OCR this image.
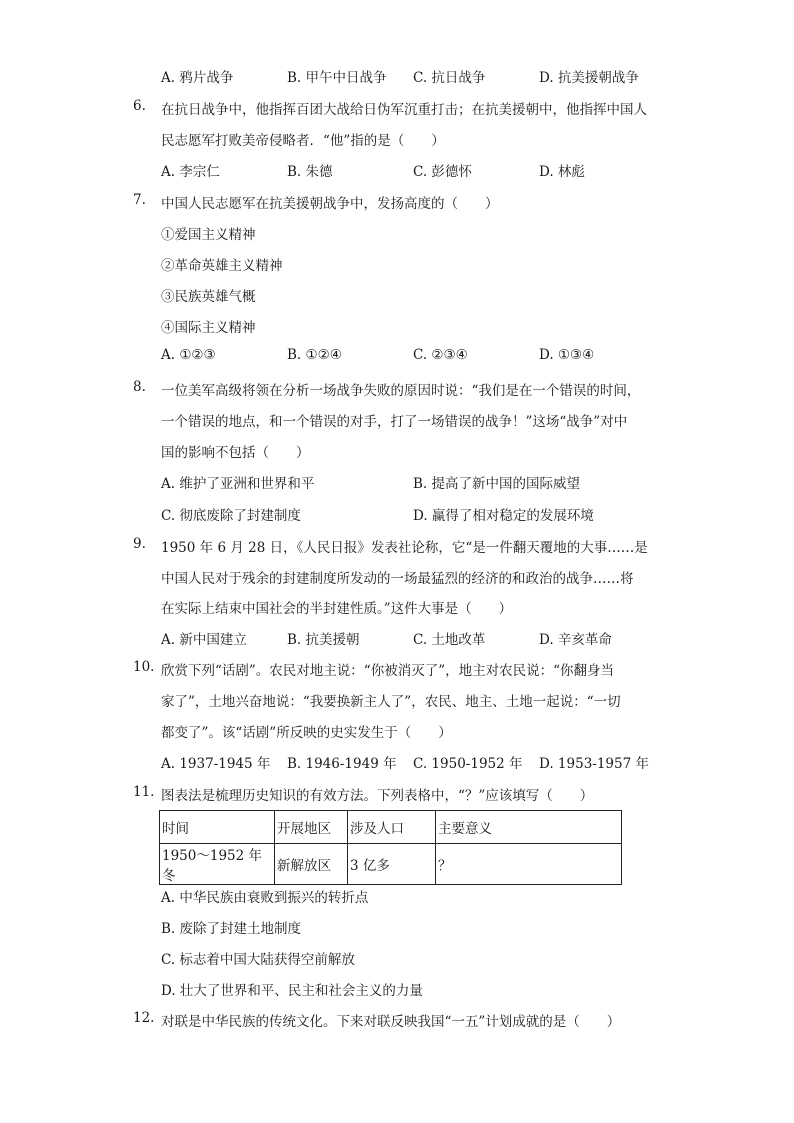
A. 鸦片战争	B. 甲午中日战争 C. 抗日战争	D. 抗美援朝战争
6. 在抗日战争中，他指挥百团大战给日伪军沉重打击；在抗美援朝中，他指挥中国人
民志愿军打败美帝侵略者．“他”指的是（　　）
A. 李宗仁	B. 朱德	C. 彭德怀	D. 林彪
7. 中国人民志愿军在抗美援朝战争中，发扬高度的（　　）
①爱国主义精神
②革命英雄主义精神
③民族英雄气概
④国际主义精神
A. ①②③	B. ①②④	C. ②③④	D. ①③④
8. 一位美军高级将领在分析一场战争失败的原因时说：“我们是在一个错误的时间，
一个错误的地点，和一个错误的对手，打了一场错误的战争！”这场“战争”对中
国的影响不包括（　　）
A. 维护了亚洲和世界和平	B. 提高了新中国的国际威望
C. 彻底废除了封建制度	D. 赢得了相对稳定的发展环境
9. 1950 年 6 月 28 日，《人民日报》发表社论称，它“是一件翻天覆地的大事……是
中国人民对于残余的封建制度所发动的一场最猛烈的经济的和政治的战争……将
在实际上结束中国社会的半封建性质。”这件大事是（　　）
A. 新中国建立	B. 抗美援朝	C. 土地改革	D. 辛亥革命
10. 欣赏下列“话剧”。农民对地主说：“你被消灭了”，地主对农民说：“你翻身当
家了”，土地兴奋地说：“我要换新主人了”，农民、地主、土地一起说：“一切
都变了”。该“话剧”所反映的史实发生于（　　）
A. 1937-1945 年 B. 1946-1949 年 C. 1950-1952 年 D. 1953-1957 年
11. 图表法是梳理历史知识的有效方法。下列表格中，“？”应该填写（　　）
时间	开展地区	涉及人口	主要意义
1950～1952 年冬	新解放区	3 亿多	？
A. 中华民族由衰败到振兴的转折点
B. 废除了封建土地制度
C. 标志着中国大陆获得空前解放
D. 壮大了世界和平、民主和社会主义的力量
12. 对联是中华民族的传统文化。下来对联反映我国“一五”计划成就的是（　　）
